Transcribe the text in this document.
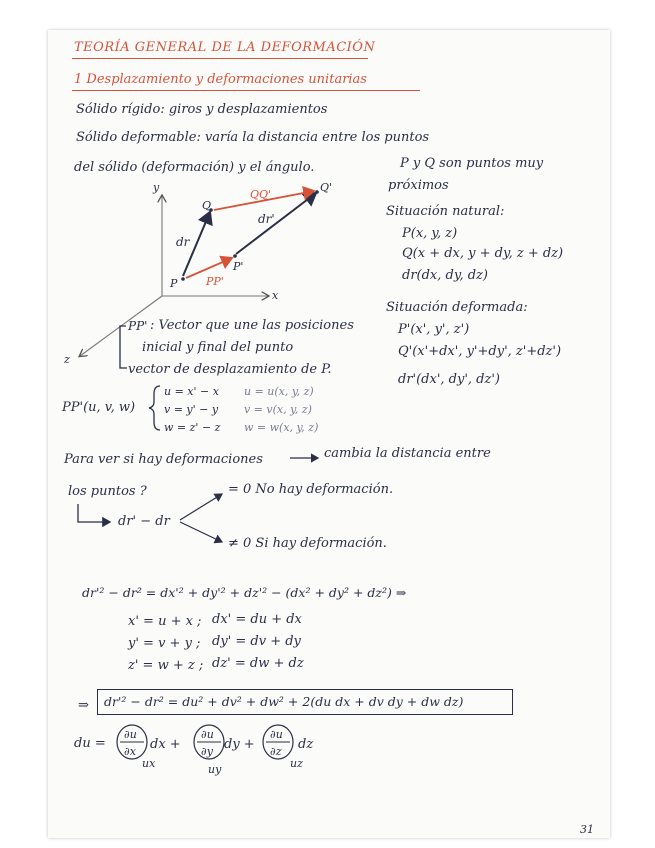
TEORÍA GENERAL DE LA DEFORMACIÓN
1 Desplazamiento y deformaciones unitarias
Sólido rígido: giros y desplazamientos
Sólido deformable: varía la distancia entre los puntos
del sólido (deformación) y el ángulo.
y
x
z
P
Q
P'
Q'
dr
dr'
PP'
QQ'
P y Q son puntos muy
próximos
Situación natural:
P(x, y, z)
Q(x + dx, y + dy, z + dz)
dr(dx, dy, dz)
Situación deformada:
P'(x', y', z')
Q'(x'+dx', y'+dy', z'+dz')
dr'(dx', dy', dz')
PP' : Vector que une las posiciones
inicial y final del punto
vector de desplazamiento de P.
PP'(u, v, w)
u = x' − x
v = y' − y
w = z' − z
u = u(x, y, z)
v = v(x, y, z)
w = w(x, y, z)
Para ver si hay deformaciones	cambia la distancia entre
los puntos ?
dr' − dr
= 0 No hay deformación.
≠ 0 Si hay deformación.
dr'² − dr² = dx'² + dy'² + dz'² − (dx² + dy² + dz²) ⇒
x' = u + x ; dx' = du + dx
y' = v + y ; dy' = dv + dy
z' = w + z ; dz' = dw + dz
⇒ dr'² − dr² = du² + dv² + dw² + 2(du dx + dv dy + dw dz)
du =
∂u
∂x
ux
dx +
∂u
∂y
uy
dy +
∂u
∂z
uz
dz
31
